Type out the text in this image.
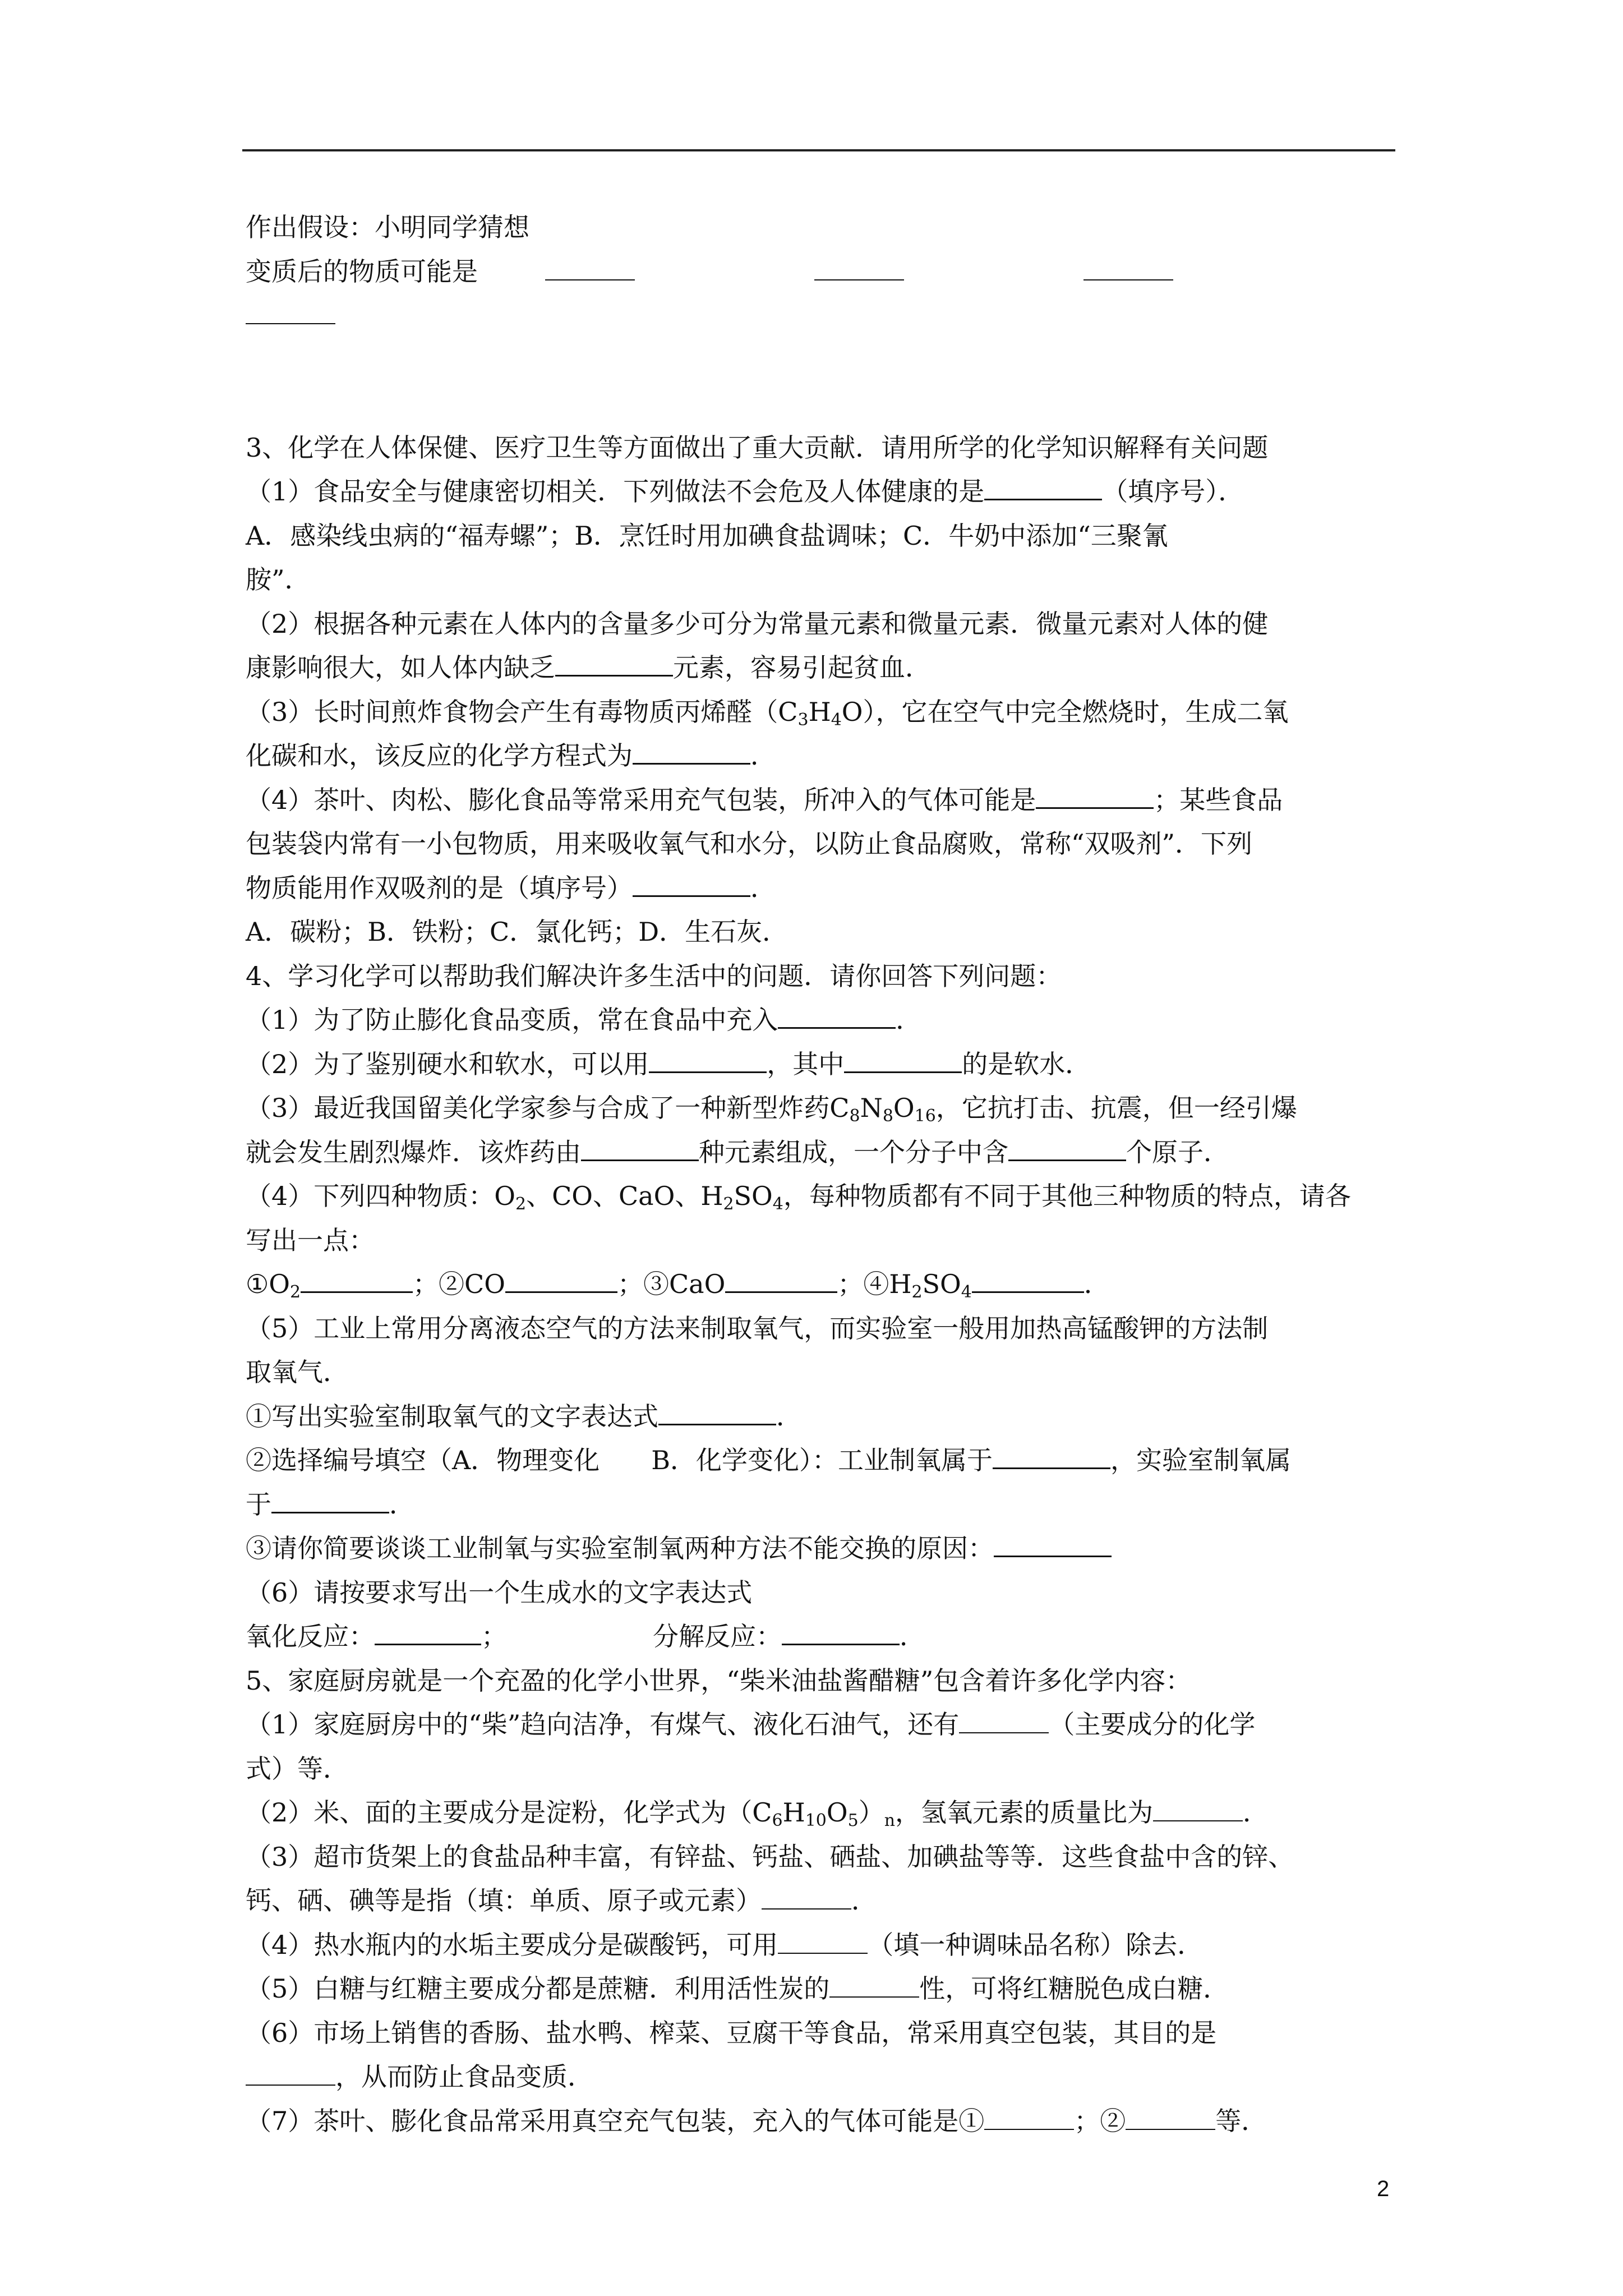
作出假设：小明同学猜想
变质后的物质可能是
3、化学在人体保健、医疗卫生等方面做出了重大贡献．请用所学的化学知识解释有关问题
（1）食品安全与健康密切相关．下列做法不会危及人体健康的是	（填序号）．
A．感染线虫病的“福寿螺”；B．烹饪时用加碘食盐调味；C．牛奶中添加“三聚氰
胺”．
（2）根据各种元素在人体内的含量多少可分为常量元素和微量元素．微量元素对人体的健
康影响很大，如人体内缺乏	元素，容易引起贫血．
（3）长时间煎炸食物会产生有毒物质丙烯醛$(C_3H_4O)$，它在空气中完全燃烧时，生成二氧
化碳和水，该反应的化学方程式为	．
（4）茶叶、肉松、膨化食品等常采用充气包装，所冲入的气体可能是	；某些食品
包装袋内常有一小包物质，用来吸收氧气和水分，以防止食品腐败，常称“双吸剂”．下列
物质能用作双吸剂的是（填序号）	．
A．碳粉；B．铁粉；C．氯化钙；D．生石灰．
4、学习化学可以帮助我们解决许多生活中的问题．请你回答下列问题：
（1）为了防止膨化食品变质，常在食品中充入	．
（2）为了鉴别硬水和软水，可以用	，其中	的是软水．
（3）最近我国留美化学家参与合成了一种新型炸药$C_8N_8O_{16}$，它抗打击、抗震，但一经引爆
就会发生剧烈爆炸．该炸药由	种元素组成，一个分子中含	个原子．
（4）下列四种物质：$O_2$、CO、CaO、$H_2SO_4$，每种物质都有不同于其他三种物质的特点，请各
写出一点：
$①O_2$	；②CO	；③CaO	；$④H_2SO_4$	．
（5）工业上常用分离液态空气的方法来制取氧气，而实验室一般用加热高锰酸钾的方法制
取氧气．
①写出实验室制取氧气的文字表达式	．
②选择编号填空（A．物理变化　　B．化学变化）：工业制氧属于	，实验室制氧属
于	．
③请你简要谈谈工业制氧与实验室制氧两种方法不能交换的原因：
（6）请按要求写出一个生成水的文字表达式
氧化反应：	；	分解反应：	．
5、家庭厨房就是一个充盈的化学小世界，“柴米油盐酱醋糖”包含着许多化学内容：
（1）家庭厨房中的“柴”趋向洁净，有煤气、液化石油气，还有	（主要成分的化学
式）等．
（2）米、面的主要成分是淀粉，化学式为$(C_6H_{10}O_5)_n$，氢氧元素的质量比为	．
（3）超市货架上的食盐品种丰富，有锌盐、钙盐、硒盐、加碘盐等等．这些食盐中含的锌、
钙、硒、碘等是指（填：单质、原子或元素）	．
（4）热水瓶内的水垢主要成分是碳酸钙，可用	（填一种调味品名称）除去．
（5）白糖与红糖主要成分都是蔗糖．利用活性炭的	性，可将红糖脱色成白糖．
（6）市场上销售的香肠、盐水鸭、榨菜、豆腐干等食品，常采用真空包装，其目的是
，从而防止食品变质．
（7）茶叶、膨化食品常采用真空充气包装，充入的气体可能是①	；②	等．
2
